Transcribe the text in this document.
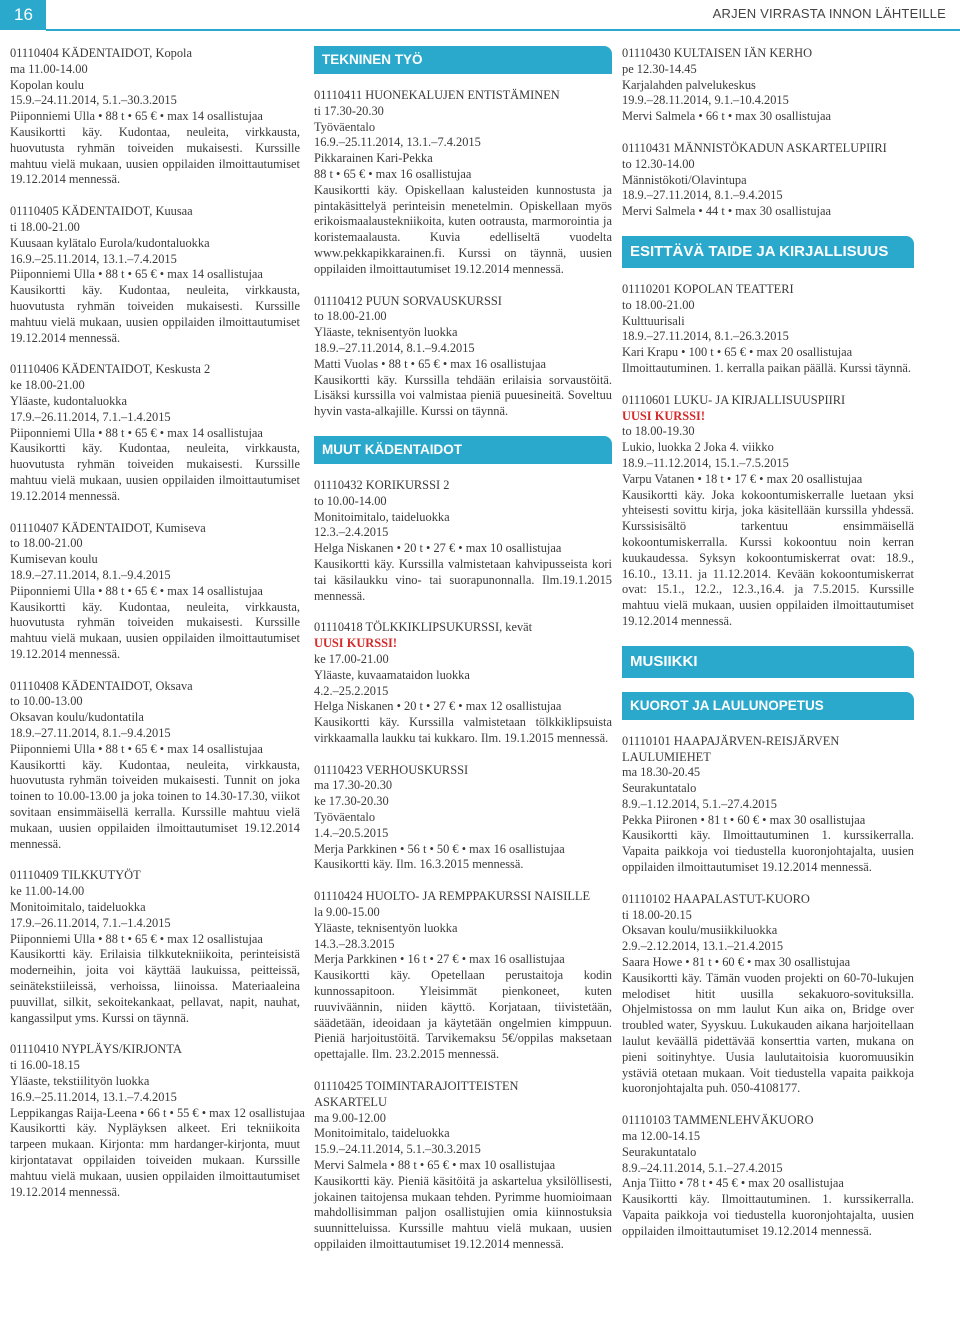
16	ARJEN VIRRASTA INNON LÄHTEILLE
01110404 KÄDENTAIDOT, Kopola
ma 11.00-14.00
Kopolan koulu
15.9.–24.11.2014, 5.1.–30.3.2015
Piiponniemi Ulla • 88 t • 65 € • max 14 osallistujaa
Kausikortti käy. Kudontaa, neuleita, virkkausta, huovutusta ryhmän toiveiden mukaisesti. Kurssille mahtuu vielä mukaan, uusien oppilaiden ilmoittautumiset 19.12.2014 mennessä.
01110405 KÄDENTAIDOT, Kuusaa
ti 18.00-21.00
Kuusaan kylätalo Eurola/kudontaluokka
16.9.–25.11.2014, 13.1.–7.4.2015
Piiponniemi Ulla • 88 t • 65 € • max 14 osallistujaa
Kausikortti käy. Kudontaa, neuleita, virkkausta, huovutusta ryhmän toiveiden mukaisesti. Kurssille mahtuu vielä mukaan, uusien oppilaiden ilmoittautumiset 19.12.2014 mennessä.
01110406 KÄDENTAIDOT, Keskusta 2
ke 18.00-21.00
Yläaste, kudontaluokka
17.9.–26.11.2014, 7.1.–1.4.2015
Piiponniemi Ulla • 88 t • 65 € • max 14 osallistujaa
Kausikortti käy. Kudontaa, neuleita, virkkausta, huovutusta ryhmän toiveiden mukaisesti. Kurssille mahtuu vielä mukaan, uusien oppilaiden ilmoittautumiset 19.12.2014 mennessä.
01110407 KÄDENTAIDOT, Kumiseva
to 18.00-21.00
Kumisevan koulu
18.9.–27.11.2014, 8.1.–9.4.2015
Piiponniemi Ulla • 88 t • 65 € • max 14 osallistujaa
Kausikortti käy. Kudontaa, neuleita, virkkausta, huovutusta ryhmän toiveiden mukaisesti. Kurssille mahtuu vielä mukaan, uusien oppilaiden ilmoittautumiset 19.12.2014 mennessä.
01110408 KÄDENTAIDOT, Oksava
to 10.00-13.00
Oksavan koulu/kudontatila
18.9.–27.11.2014, 8.1.–9.4.2015
Piiponniemi Ulla • 88 t • 65 € • max 14 osallistujaa
Kausikortti käy. Kudontaa, neuleita, virkkausta, huovutusta ryhmän toiveiden mukaisesti. Tunnit on joka toinen to 10.00-13.00 ja joka toinen to 14.30-17.30, viikot sovitaan ensimmäisellä kerralla. Kurssille mahtuu vielä mukaan, uusien oppilaiden ilmoittautumiset 19.12.2014 mennessä.
01110409 TILKKUTYÖT
ke 11.00-14.00
Monitoimitalo, taideluokka
17.9.–26.11.2014, 7.1.–1.4.2015
Piiponniemi Ulla • 88 t • 65 € • max 12 osallistujaa
Kausikortti käy. Erilaisia tilkkutekniikoita, perinteisistä moderneihin, joita voi käyttää laukuissa, peitteissä, seinätekstiileissä, verhoissa, liinoissa. Materiaaleina puuvillat, silkit, sekoitekankaat, pellavat, napit, nauhat, kangassilput yms. Kurssi on täynnä.
01110410 NYPLÄYS/KIRJONTA
ti 16.00-18.15
Yläaste, tekstiilityön luokka
16.9.–25.11.2014, 13.1.–7.4.2015
Leppikangas Raija-Leena • 66 t • 55 € • max 12 osallistujaa
Kausikortti käy. Nypläyksen alkeet. Eri tekniikoita tarpeen mukaan. Kirjonta: mm hardanger-kirjonta, muut kirjontatavat oppilaiden toiveiden mukaan. Kurssille mahtuu vielä mukaan, uusien oppilaiden ilmoittautumiset 19.12.2014 mennessä.
TEKNINEN TYÖ
01110411 HUONEKALUJEN ENTISTÄMINEN
ti 17.30-20.30
Työväentalo
16.9.–25.11.2014, 13.1.–7.4.2015
Pikkarainen Kari-Pekka
88 t • 65 € • max 16 osallistujaa
Kausikortti käy. Opiskellaan kalusteiden kunnostusta ja pintakäsittelyä perinteisin menetelmin. Opiskellaan myös erikoismaalaustekniikoita, kuten ootraustа, marmorointia ja koristemaalausta. Kuvia edelliseltä vuodelta www.pekkapikkarainen.fi. Kurssi on täynnä, uusien oppilaiden ilmoittautumiset 19.12.2014 mennessä.
01110412 PUUN SORVAUSKURSSI
to 18.00-21.00
Yläaste, teknisentyön luokka
18.9.–27.11.2014, 8.1.–9.4.2015
Matti Vuolas • 88 t • 65 € • max 16 osallistujaa
Kausikortti käy. Kurssilla tehdään erilaisia sorvaustöitä. Lisäksi kurssilla voi valmistaa pieniä puuesineitä. Soveltuu hyvin vasta-alkajille. Kurssi on täynnä.
MUUT KÄDENTAIDOT
01110432 KORIKURSSI 2
to 10.00-14.00
Monitoimitalo, taideluokka
12.3.–2.4.2015
Helga Niskanen • 20 t • 27 € • max 10 osallistujaa
Kausikortti käy. Kurssilla valmistetaan kahvipusseista kori tai käsilaukku vino- tai suorapunonnalla. Ilm.19.1.2015 mennessä.
01110418 TÖLKKIKLIPSUKURSSI, kevät
UUSI KURSSI!
ke 17.00-21.00
Yläaste, kuvaamataidon luokka
4.2.–25.2.2015
Helga Niskanen • 20 t • 27 € • max 12 osallistujaa
Kausikortti käy. Kurssilla valmistetaan tölkkiklipsuista virkkaamalla laukku tai kukkaro. Ilm. 19.1.2015 mennessä.
01110423 VERHOUSKURSSI
ma 17.30-20.30
ke 17.30-20.30
Työväentalo
1.4.–20.5.2015
Merja Parkkinen • 56 t • 50 € • max 16 osallistujaa
Kausikortti käy. Ilm. 16.3.2015 mennessä.
01110424 HUOLTO- JA REMPPAKURSSI NAISILLE
la 9.00-15.00
Yläaste, teknisentyön luokka
14.3.–28.3.2015
Merja Parkkinen • 16 t • 27 € • max 16 osallistujaa
Kausikortti käy. Opetellaan perustaitoja kodin kunnossapitoon. Yleisimmät pienkoneet, kuten ruuviväännin, niiden käyttö. Korjataan, tiivistetään, säädetään, ideoidaan ja käytetään ongelmien kimppuun. Pieniä harjoitustöitä. Tarvikemaksu 5€/oppilas maksetaan opettajalle. Ilm. 23.2.2015 mennessä.
01110425 TOIMINTARAJOITTEISTEN
ASKARTELU
ma 9.00-12.00
Monitoimitalo, taideluokka
15.9.–24.11.2014, 5.1.–30.3.2015
Mervi Salmela • 88 t • 65 € • max 10 osallistujaa
Kausikortti käy. Pieniä käsitöitä ja askartelua yksilöllisesti, jokainen taitojensa mukaan tehden. Pyrimme huomioimaan mahdollisimman paljon osallistujien omia kiinnostuksia suunnitteluissa. Kurssille mahtuu vielä mukaan, uusien oppilaiden ilmoittautumiset 19.12.2014 mennessä.
01110430 KULTAISEN IÄN KERHO
pe 12.30-14.45
Karjalahden palvelukeskus
19.9.–28.11.2014, 9.1.–10.4.2015
Mervi Salmela • 66 t • max 30 osallistujaa
01110431 MÄNNISTÖKADUN ASKARTELUPIIRI
to 12.30-14.00
Männistökoti/Olavintupa
18.9.–27.11.2014, 8.1.–9.4.2015
Mervi Salmela • 44 t • max 30 osallistujaa
ESITTÄVÄ TAIDE JA KIRJALLISUUS
01110201 KOPOLAN TEATTERI
to 18.00-21.00
Kulttuurisali
18.9.–27.11.2014, 8.1.–26.3.2015
Kari Krapu • 100 t • 65 € • max 20 osallistujaa
Ilmoittautuminen. 1. kerralla paikan päällä. Kurssi täynnä.
01110601 LUKU- JA KIRJALLISUUSPIIRI
UUSI KURSSI!
to 18.00-19.30
Lukio, luokka 2 Joka 4. viikko
18.9.–11.12.2014, 15.1.–7.5.2015
Varpu Vatanen • 18 t • 17 € • max 20 osallistujaa
Kausikortti käy. Joka kokoontumiskerralle luetaan yksi yhteisesti sovittu kirja, joka käsitellään kurssilla yhdessä. Kurssisisältö tarkentuu ensimmäisellä kokoontumiskerralla. Kurssi kokoontuu noin kerran kuukaudessa. Syksyn kokoontumiskerrat ovat: 18.9., 16.10., 13.11. ja 11.12.2014. Kevään kokoontumiskerrat ovat: 15.1., 12.2., 12.3.,16.4. ja 7.5.2015. Kurssille mahtuu vielä mukaan, uusien oppilaiden ilmoittautumiset 19.12.2014 mennessä.
MUSIIKKI
KUOROT JA LAULUNOPETUS
01110101 HAAPAJÄRVEN-REISJÄRVEN
LAULUMIEHET
ma 18.30-20.45
Seurakuntatalo
8.9.–1.12.2014, 5.1.–27.4.2015
Pekka Piironen • 81 t • 60 € • max 30 osallistujaa
Kausikortti käy. Ilmoittautuminen 1. kurssikerralla. Vapaita paikkoja voi tiedustella kuoronjohtajalta, uusien oppilaiden ilmoittautumiset 19.12.2014 mennessä.
01110102 HAAPALASTUT-KUORO
ti 18.00-20.15
Oksavan koulu/musiikkiluokka
2.9.–2.12.2014, 13.1.–21.4.2015
Saara Howe • 81 t • 60 € • max 30 osallistujaa
Kausikortti käy. Tämän vuoden projekti on 60-70-lukujen melodiset hitit uusilla sekakuoro-sovituksilla. Ohjelmistossa on mm laulut Kun aika on, Bridge over troubled water, Syyskuu. Lukukauden aikana harjoitellaan laulut keväällä pidettävää konserttia varten, mukana on pieni soitinyhtye. Uusia laulutaitoisia kuoromuusikin ystäviä otetaan mukaan. Voit tiedustella vapaita paikkoja kuoronjohtajalta puh. 050-4108177.
01110103 TAMMENLEHVÄKUORO
ma 12.00-14.15
Seurakuntatalo
8.9.–24.11.2014, 5.1.–27.4.2015
Anja Tiitto • 78 t • 45 € • max 20 osallistujaa
Kausikortti käy. Ilmoittautuminen. 1. kurssikerralla. Vapaita paikkoja voi tiedustella kuoronjohtajalta, uusien oppilaiden ilmoittautumiset 19.12.2014 mennessä.
